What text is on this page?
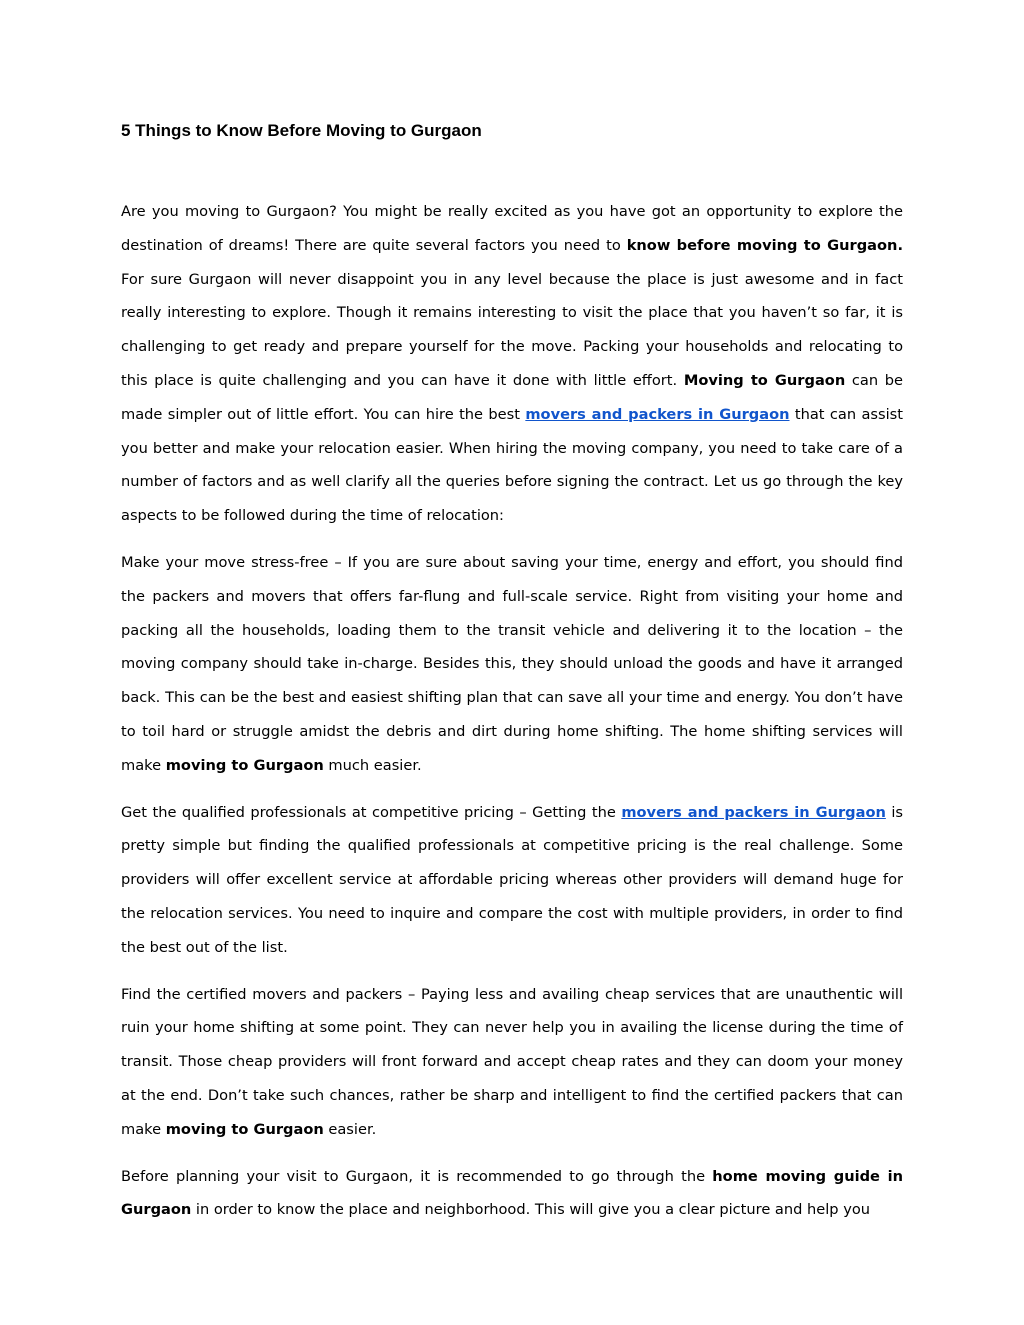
5 Things to Know Before Moving to Gurgaon

Are you moving to Gurgaon? You might be really excited as you have got an opportunity to explore the destination of dreams! There are quite several factors you need to know before moving to Gurgaon. For sure Gurgaon will never disappoint you in any level because the place is just awesome and in fact really interesting to explore. Though it remains interesting to visit the place that you haven’t so far, it is challenging to get ready and prepare yourself for the move. Packing your households and relocating to this place is quite challenging and you can have it done with little effort. Moving to Gurgaon can be made simpler out of little effort. You can hire the best movers and packers in Gurgaon that can assist you better and make your relocation easier. When hiring the moving company, you need to take care of a number of factors and as well clarify all the queries before signing the contract. Let us go through the key aspects to be followed during the time of relocation:

Make your move stress-free – If you are sure about saving your time, energy and effort, you should find the packers and movers that offers far-flung and full-scale service. Right from visiting your home and packing all the households, loading them to the transit vehicle and delivering it to the location – the moving company should take in-charge. Besides this, they should unload the goods and have it arranged back. This can be the best and easiest shifting plan that can save all your time and energy. You don’t have to toil hard or struggle amidst the debris and dirt during home shifting. The home shifting services will make moving to Gurgaon much easier.

Get the qualified professionals at competitive pricing – Getting the movers and packers in Gurgaon is pretty simple but finding the qualified professionals at competitive pricing is the real challenge. Some providers will offer excellent service at affordable pricing whereas other providers will demand huge for the relocation services. You need to inquire and compare the cost with multiple providers, in order to find the best out of the list.

Find the certified movers and packers – Paying less and availing cheap services that are unauthentic will ruin your home shifting at some point. They can never help you in availing the license during the time of transit. Those cheap providers will front forward and accept cheap rates and they can doom your money at the end. Don’t take such chances, rather be sharp and intelligent to find the certified packers that can make moving to Gurgaon easier.

Before planning your visit to Gurgaon, it is recommended to go through the home moving guide in Gurgaon in order to know the place and neighborhood. This will give you a clear picture and help you
